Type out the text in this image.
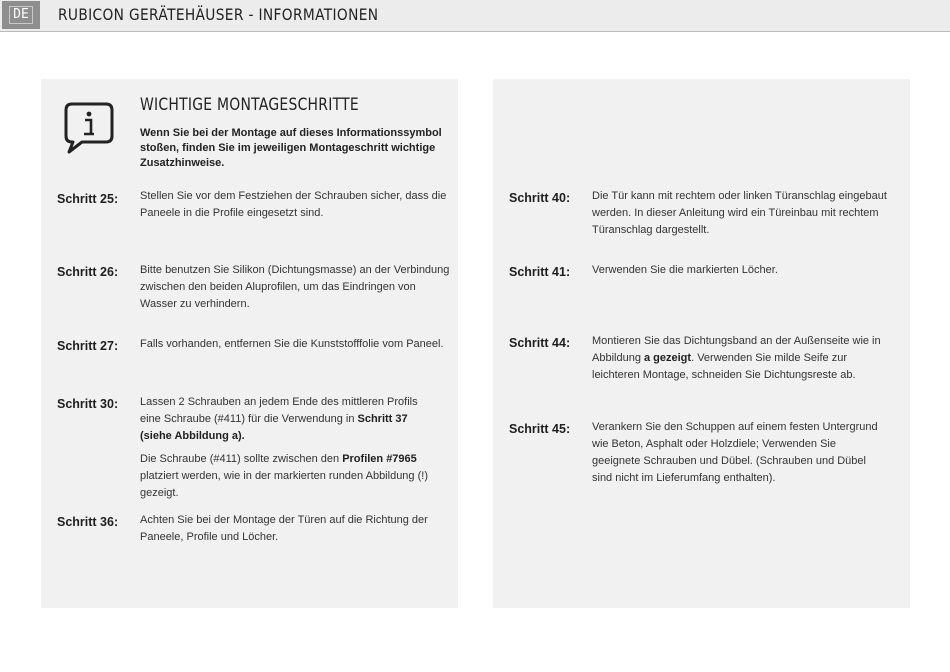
DE RUBICON GERÄTEHÄUSER - INFORMATIONEN
WICHTIGE MONTAGESCHRITTE
Wenn Sie bei der Montage auf dieses Informationssymbol stoßen, finden Sie im jeweiligen Montageschritt wichtige Zusatzhinweise.
Schritt 25: Stellen Sie vor dem Festziehen der Schrauben sicher, dass die Paneele in die Profile eingesetzt sind.
Schritt 26: Bitte benutzen Sie Silikon (Dichtungsmasse) an der Verbindung zwischen den beiden Aluprofilen, um das Eindringen von Wasser zu verhindern.
Schritt 27: Falls vorhanden, entfernen Sie die Kunststofffolie vom Paneel.
Schritt 30: Lassen 2 Schrauben an jedem Ende des mittleren Profils eine Schraube (#411) für die Verwendung in Schritt 37 (siehe Abbildung a).

Die Schraube (#411) sollte zwischen den Profilen #7965 platziert werden, wie in der markierten runden Abbildung (!) gezeigt.

Schritt 36: Achten Sie bei der Montage der Türen auf die Richtung der Paneele, Profile und Löcher.
Schritt 40: Die Tür kann mit rechtem oder linken Türanschlag eingebaut werden. In dieser Anleitung wird ein Türeinbau mit rechtem Türanschlag dargestellt.
Schritt 41: Verwenden Sie die markierten Löcher.
Schritt 44: Montieren Sie das Dichtungsband an der Außenseite wie in Abbildung a gezeigt. Verwenden Sie milde Seife zur leichteren Montage, schneiden Sie Dichtungsreste ab.
Schritt 45: Verankern Sie den Schuppen auf einem festen Untergrund wie Beton, Asphalt oder Holzdiele; Verwenden Sie geeignete Schrauben und Dübel. (Schrauben und Dübel sind nicht im Lieferumfang enthalten).
